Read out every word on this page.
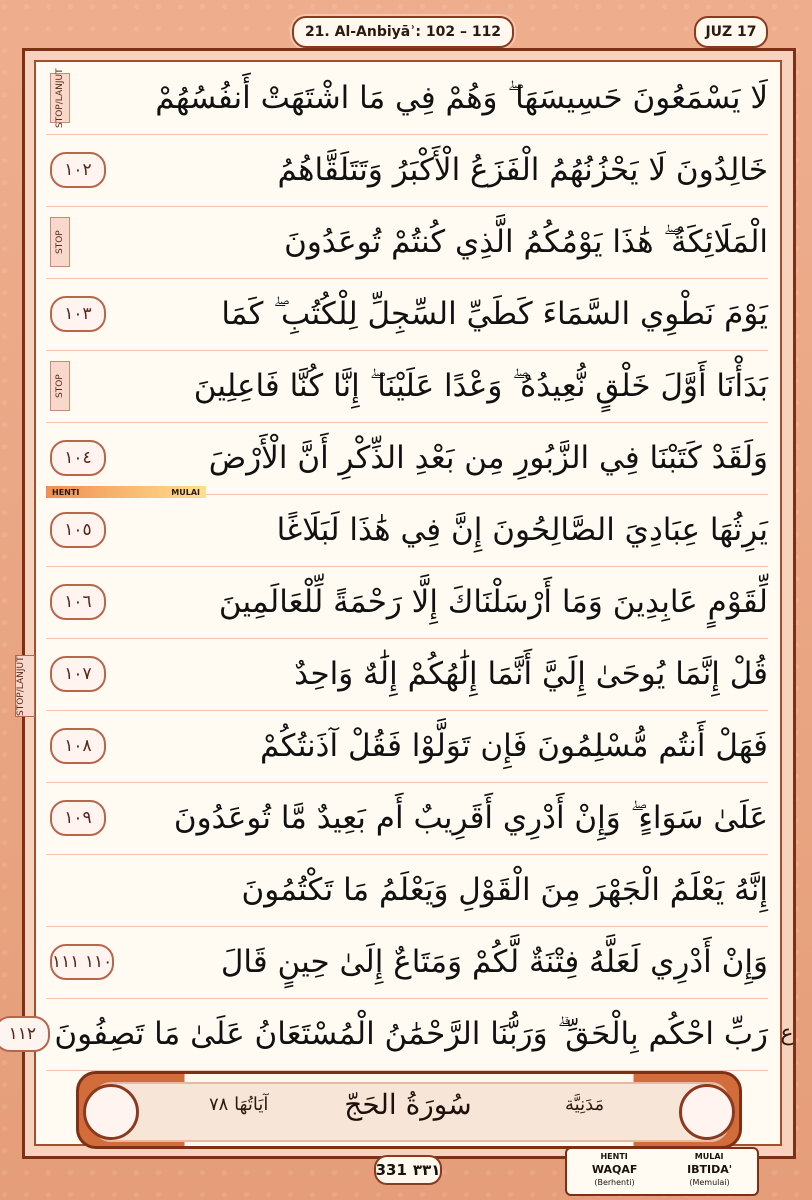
21. Al-Anbiyāʾ: 102 – 112	JUZ 17
لَا يَسْمَعُونَ حَسِيسَهَا ۖ وَهُمْ فِي مَا اشْتَهَتْ أَنفُسُهُمْ
STOP/LANJUT
خَالِدُونَ لَا يَحْزُنُهُمُ الْفَزَعُ الْأَكْبَرُ وَتَتَلَقَّاهُمُ
١٠٢
الْمَلَائِكَةُ ۖ هَٰذَا يَوْمُكُمُ الَّذِي كُنتُمْ تُوعَدُونَ
STOP
يَوْمَ نَطْوِي السَّمَاءَ كَطَيِّ السِّجِلِّ لِلْكُتُبِ ۖ كَمَا
١٠٣
بَدَأْنَا أَوَّلَ خَلْقٍ نُّعِيدُهُ ۖ وَعْدًا عَلَيْنَا ۖ إِنَّا كُنَّا فَاعِلِينَ
STOP
وَلَقَدْ كَتَبْنَا فِي الزَّبُورِ مِن بَعْدِ الذِّكْرِ أَنَّ الْأَرْضَ
١٠٤
يَرِثُهَا عِبَادِيَ الصَّالِحُونَ إِنَّ فِي هَٰذَا لَبَلَاغًا
١٠٥
لِّقَوْمٍ عَابِدِينَ وَمَا أَرْسَلْنَاكَ إِلَّا رَحْمَةً لِّلْعَالَمِينَ
١٠٦
قُلْ إِنَّمَا يُوحَىٰ إِلَيَّ أَنَّمَا إِلَٰهُكُمْ إِلَٰهٌ وَاحِدٌ
١٠٧
فَهَلْ أَنتُم مُّسْلِمُونَ فَإِن تَوَلَّوْا فَقُلْ آذَنتُكُمْ
١٠٨
عَلَىٰ سَوَاءٍ ۖ وَإِنْ أَدْرِي أَقَرِيبٌ أَم بَعِيدٌ مَّا تُوعَدُونَ
١٠٩
إِنَّهُ يَعْلَمُ الْجَهْرَ مِنَ الْقَوْلِ وَيَعْلَمُ مَا تَكْتُمُونَ
وَإِنْ أَدْرِي لَعَلَّهُ فِتْنَةٌ لَّكُمْ وَمَتَاعٌ إِلَىٰ حِينٍ قَالَ
١١٠ ١١١
رَبِّ احْكُم بِالْحَقِّ ۗ وَرَبُّنَا الرَّحْمَٰنُ الْمُسْتَعَانُ عَلَىٰ مَا تَصِفُونَ
١١٢
HENTI	MULAI
STOP/LANJUT
ع
آيَاتُهَا ٧٨	سُورَةُ الحَجّ	مَدَنِيَّة
331 ٣٣١
HENTI	MULAI
WAQAF	IBTIDA'
(Berhenti)	(Memulai)
